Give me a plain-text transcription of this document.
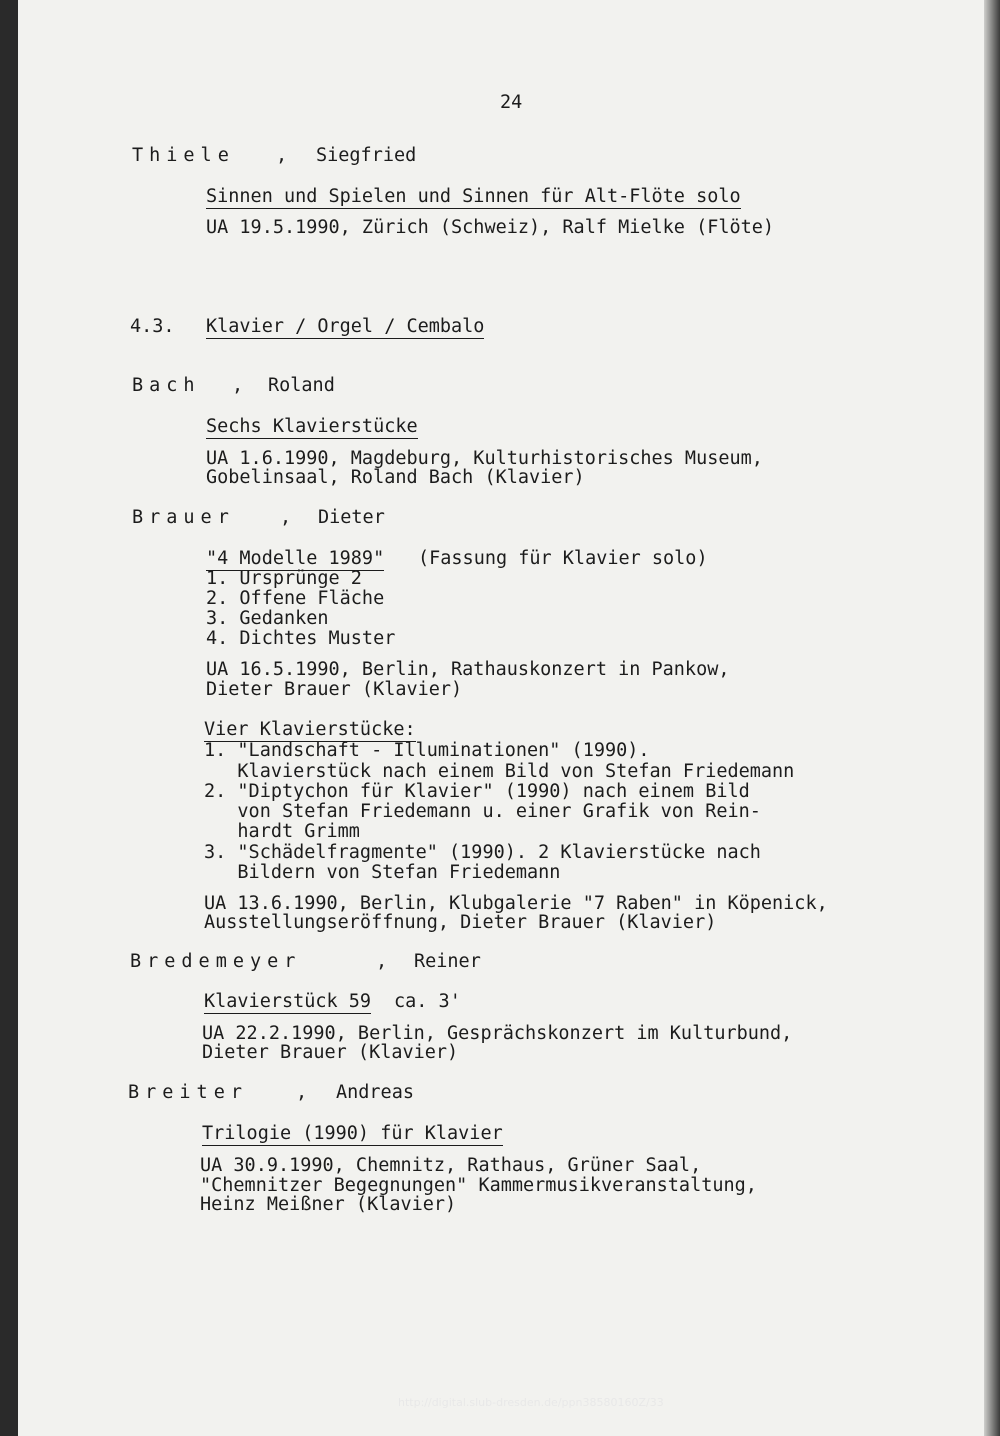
24
Thiele , Siegfried
Sinnen und Spielen und Sinnen für Alt-Flöte solo
UA 19.5.1990, Zürich (Schweiz), Ralf Mielke (Flöte)
4.3. Klavier / Orgel / Cembalo
Bach , Roland
Sechs Klavierstücke
UA 1.6.1990, Magdeburg, Kulturhistorisches Museum,
Gobelinsaal, Roland Bach (Klavier)
Brauer , Dieter
"4 Modelle 1989" (Fassung für Klavier solo)
1. Ursprünge 2
2. Offene Fläche
3. Gedanken
4. Dichtes Muster
UA 16.5.1990, Berlin, Rathauskonzert in Pankow,
Dieter Brauer (Klavier)
Vier Klavierstücke:
1. "Landschaft - Illuminationen" (1990).
Klavierstück nach einem Bild von Stefan Friedemann
2. "Diptychon für Klavier" (1990) nach einem Bild
von Stefan Friedemann u. einer Grafik von Rein-
hardt Grimm
3. "Schädelfragmente" (1990). 2 Klavierstücke nach
Bildern von Stefan Friedemann
UA 13.6.1990, Berlin, Klubgalerie "7 Raben" in Köpenick,
Ausstellungseröffnung, Dieter Brauer (Klavier)
Bredemeyer	, Reiner
Klavierstück 59 ca. 3'
UA 22.2.1990, Berlin, Gesprächskonzert im Kulturbund,
Dieter Brauer (Klavier)
Breiter	, Andreas
Trilogie (1990) für Klavier
UA 30.9.1990, Chemnitz, Rathaus, Grüner Saal,
"Chemnitzer Begegnungen" Kammermusikveranstaltung,
Heinz Meißner (Klavier)
http://digital.slub-dresden.de/ppn38580160Z/33
